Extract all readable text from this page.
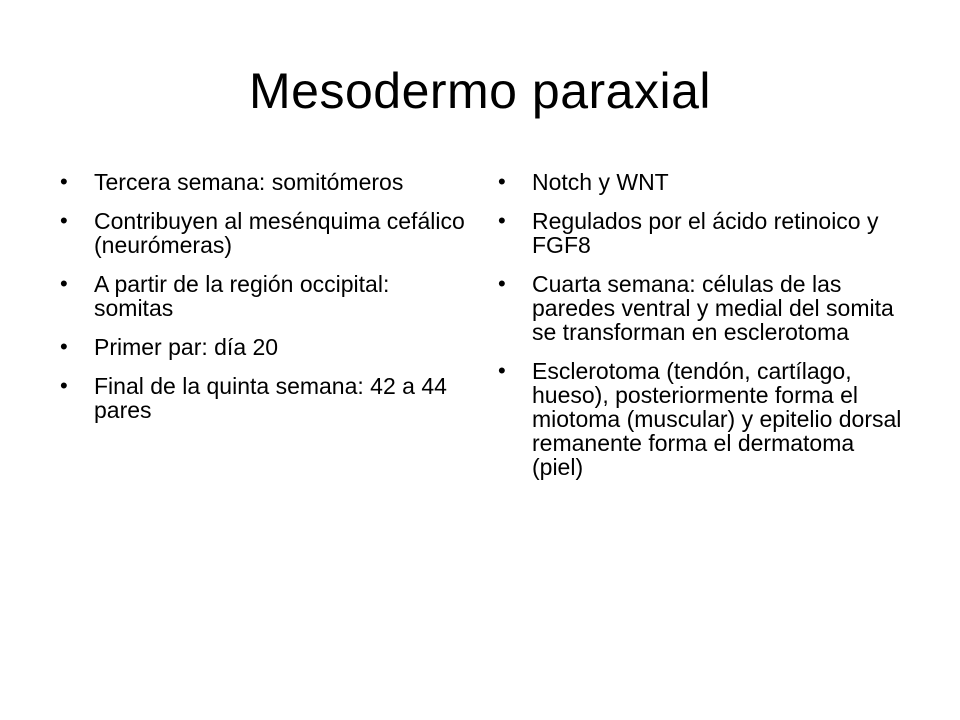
Mesodermo paraxial
• Tercera semana: somitómeros
• Contribuyen al mesénquima cefálico (neurómeras)
• A partir de la región occipital: somitas
• Primer par: día 20
• Final de la quinta semana: 42 a 44 pares
• Notch y WNT
• Regulados por el ácido retinoico y FGF8
• Cuarta semana: células de las paredes ventral y medial del somita se transforman en esclerotoma
• Esclerotoma (tendón, cartílago, hueso), posteriormente forma el miotoma (muscular) y epitelio dorsal remanente forma el dermatoma (piel)
